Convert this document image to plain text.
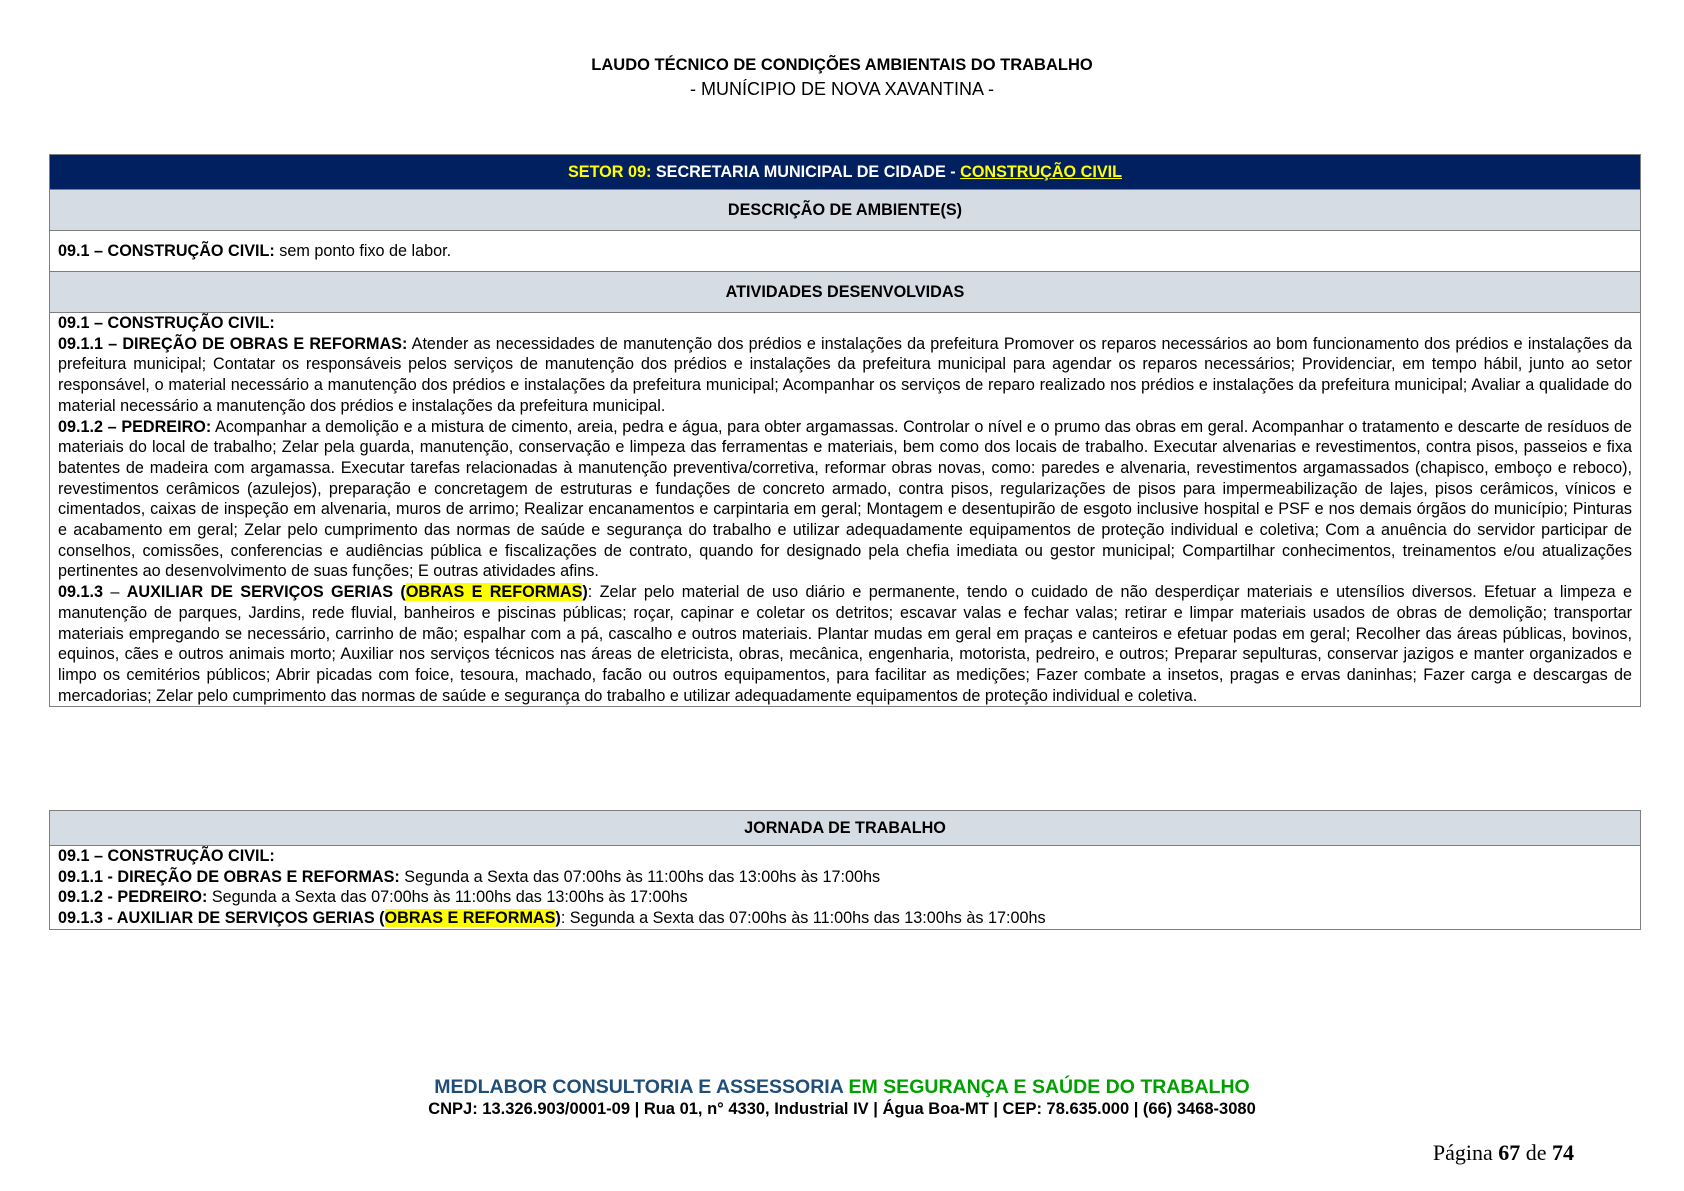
LAUDO TÉCNICO DE CONDIÇÕES AMBIENTAIS DO TRABALHO
- MUNÍCIPIO DE NOVA XAVANTINA -
SETOR 09: SECRETARIA MUNICIPAL DE CIDADE - CONSTRUÇÃO CIVIL
DESCRIÇÃO DE AMBIENTE(S)
09.1 – CONSTRUÇÃO CIVIL: sem ponto fixo de labor.
ATIVIDADES DESENVOLVIDAS
09.1 – CONSTRUÇÃO CIVIL:
09.1.1 – DIREÇÃO DE OBRAS E REFORMAS: Atender as necessidades de manutenção dos prédios e instalações da prefeitura Promover os reparos necessários ao bom funcionamento dos prédios e instalações da prefeitura municipal; Contatar os responsáveis pelos serviços de manutenção dos prédios e instalações da prefeitura municipal para agendar os reparos necessários; Providenciar, em tempo hábil, junto ao setor responsável, o material necessário a manutenção dos prédios e instalações da prefeitura municipal; Acompanhar os serviços de reparo realizado nos prédios e instalações da prefeitura municipal; Avaliar a qualidade do material necessário a manutenção dos prédios e instalações da prefeitura municipal.
09.1.2 – PEDREIRO: Acompanhar a demolição e a mistura de cimento, areia, pedra e água, para obter argamassas. Controlar o nível e o prumo das obras em geral. Acompanhar o tratamento e descarte de resíduos de materiais do local de trabalho; Zelar pela guarda, manutenção, conservação e limpeza das ferramentas e materiais, bem como dos locais de trabalho. Executar alvenarias e revestimentos, contra pisos, passeios e fixa batentes de madeira com argamassa. Executar tarefas relacionadas à manutenção preventiva/corretiva, reformar obras novas, como: paredes e alvenaria, revestimentos argamassados (chapisco, emboço e reboco), revestimentos cerâmicos (azulejos), preparação e concretagem de estruturas e fundações de concreto armado, contra pisos, regularizações de pisos para impermeabilização de lajes, pisos cerâmicos, vínicos e cimentados, caixas de inspeção em alvenaria, muros de arrimo; Realizar encanamentos e carpintaria em geral; Montagem e desentupirão de esgoto inclusive hospital e PSF e nos demais órgãos do município; Pinturas e acabamento em geral; Zelar pelo cumprimento das normas de saúde e segurança do trabalho e utilizar adequadamente equipamentos de proteção individual e coletiva; Com a anuência do servidor participar de conselhos, comissões, conferencias e audiências pública e fiscalizações de contrato, quando for designado pela chefia imediata ou gestor municipal; Compartilhar conhecimentos, treinamentos e/ou atualizações pertinentes ao desenvolvimento de suas funções; E outras atividades afins.
09.1.3 – AUXILIAR DE SERVIÇOS GERIAS (OBRAS E REFORMAS): Zelar pelo material de uso diário e permanente, tendo o cuidado de não desperdiçar materiais e utensílios diversos. Efetuar a limpeza e manutenção de parques, Jardins, rede fluvial, banheiros e piscinas públicas; roçar, capinar e coletar os detritos; escavar valas e fechar valas; retirar e limpar materiais usados de obras de demolição; transportar materiais empregando se necessário, carrinho de mão; espalhar com a pá, cascalho e outros materiais. Plantar mudas em geral em praças e canteiros e efetuar podas em geral; Recolher das áreas públicas, bovinos, equinos, cães e outros animais morto; Auxiliar nos serviços técnicos nas áreas de eletricista, obras, mecânica, engenharia, motorista, pedreiro, e outros; Preparar sepulturas, conservar jazigos e manter organizados e limpo os cemitérios públicos; Abrir picadas com foice, tesoura, machado, facão ou outros equipamentos, para facilitar as medições; Fazer combate a insetos, pragas e ervas daninhas; Fazer carga e descargas de mercadorias; Zelar pelo cumprimento das normas de saúde e segurança do trabalho e utilizar adequadamente equipamentos de proteção individual e coletiva.
JORNADA DE TRABALHO
09.1 – CONSTRUÇÃO CIVIL:
09.1.1 - DIREÇÃO DE OBRAS E REFORMAS: Segunda a Sexta das 07:00hs às 11:00hs das 13:00hs às 17:00hs
09.1.2 - PEDREIRO: Segunda a Sexta das 07:00hs às 11:00hs das 13:00hs às 17:00hs
09.1.3 - AUXILIAR DE SERVIÇOS GERIAS (OBRAS E REFORMAS): Segunda a Sexta das 07:00hs às 11:00hs das 13:00hs às 17:00hs
MEDLABOR CONSULTORIA E ASSESSORIA EM SEGURANÇA E SAÚDE DO TRABALHO
CNPJ: 13.326.903/0001-09 | Rua 01, n° 4330, Industrial IV | Água Boa-MT | CEP: 78.635.000 | (66) 3468-3080
Página 67 de 74
